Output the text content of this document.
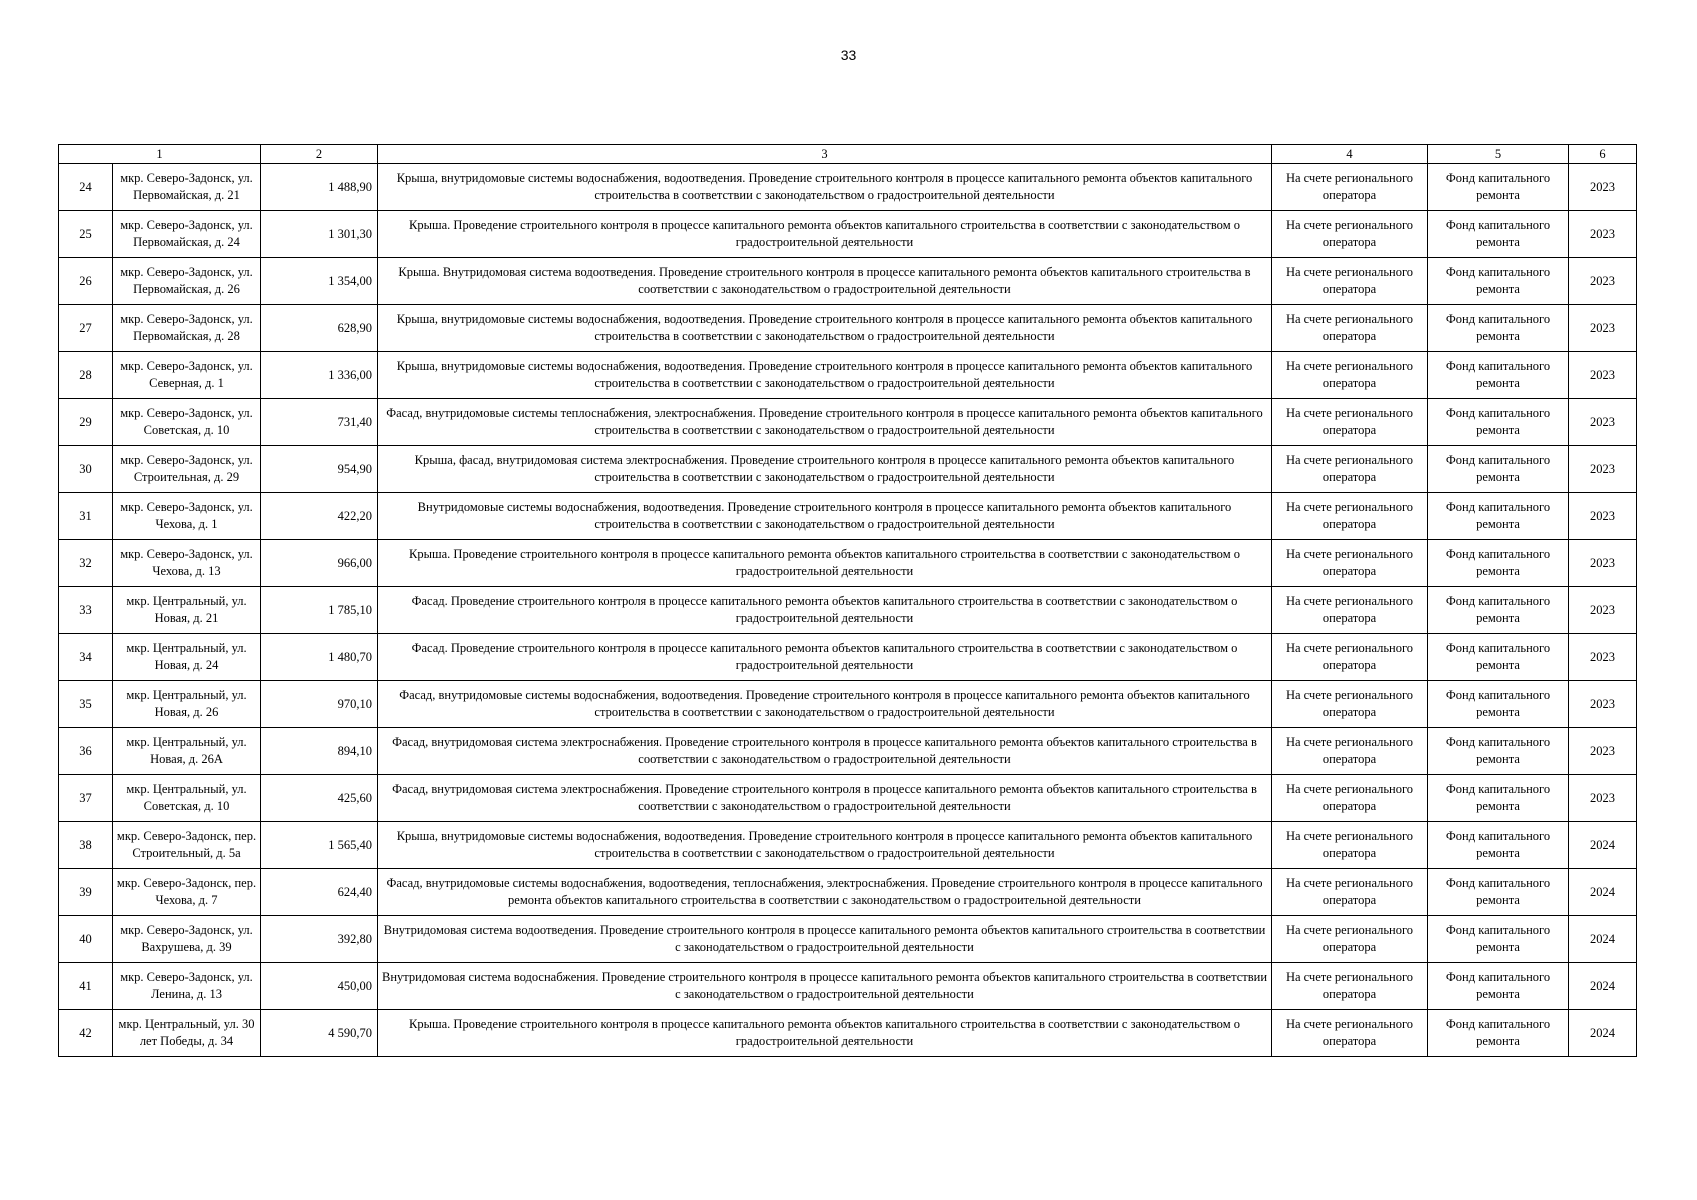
33
1		2	3	4	5	6
24	мкр. Северо-Задонск, ул. Первомайская, д. 21	1 488,90	Крыша, внутридомовые системы водоснабжения, водоотведения. Проведение строительного контроля в процессе капитального ремонта объектов капитального строительства в соответствии с законодательством о градостроительной деятельности	На счете регионального оператора	Фонд капитального ремонта	2023
25	мкр. Северо-Задонск, ул. Первомайская, д. 24	1 301,30	Крыша. Проведение строительного контроля в процессе капитального ремонта объектов капитального строительства в соответствии с законодательством о градостроительной деятельности	На счете регионального оператора	Фонд капитального ремонта	2023
26	мкр. Северо-Задонск, ул. Первомайская, д. 26	1 354,00	Крыша. Внутридомовая система водоотведения. Проведение строительного контроля в процессе капитального ремонта объектов капитального строительства в соответствии с законодательством о градостроительной деятельности	На счете регионального оператора	Фонд капитального ремонта	2023
27	мкр. Северо-Задонск, ул. Первомайская, д. 28	628,90	Крыша, внутридомовые системы водоснабжения, водоотведения. Проведение строительного контроля в процессе капитального ремонта объектов капитального строительства в соответствии с законодательством о градостроительной деятельности	На счете регионального оператора	Фонд капитального ремонта	2023
28	мкр. Северо-Задонск, ул. Северная, д. 1	1 336,00	Крыша, внутридомовые системы водоснабжения, водоотведения. Проведение строительного контроля в процессе капитального ремонта объектов капитального строительства в соответствии с законодательством о градостроительной деятельности	На счете регионального оператора	Фонд капитального ремонта	2023
29	мкр. Северо-Задонск, ул. Советская, д. 10	731,40	Фасад, внутридомовые системы теплоснабжения, электроснабжения. Проведение строительного контроля в процессе капитального ремонта объектов капитального строительства в соответствии с законодательством о градостроительной деятельности	На счете регионального оператора	Фонд капитального ремонта	2023
30	мкр. Северо-Задонск, ул. Строительная, д. 29	954,90	Крыша, фасад, внутридомовая система электроснабжения. Проведение строительного контроля в процессе капитального ремонта объектов капитального строительства в соответствии с законодательством о градостроительной деятельности	На счете регионального оператора	Фонд капитального ремонта	2023
31	мкр. Северо-Задонск, ул. Чехова, д. 1	422,20	Внутридомовые системы водоснабжения, водоотведения. Проведение строительного контроля в процессе капитального ремонта объектов капитального строительства в соответствии с законодательством о градостроительной деятельности	На счете регионального оператора	Фонд капитального ремонта	2023
32	мкр. Северо-Задонск, ул. Чехова, д. 13	966,00	Крыша. Проведение строительного контроля в процессе капитального ремонта объектов капитального строительства в соответствии с законодательством о градостроительной деятельности	На счете регионального оператора	Фонд капитального ремонта	2023
33	мкр. Центральный, ул. Новая, д. 21	1 785,10	Фасад. Проведение строительного контроля в процессе капитального ремонта объектов капитального строительства в соответствии с законодательством о градостроительной деятельности	На счете регионального оператора	Фонд капитального ремонта	2023
34	мкр. Центральный, ул. Новая, д. 24	1 480,70	Фасад. Проведение строительного контроля в процессе капитального ремонта объектов капитального строительства в соответствии с законодательством о градостроительной деятельности	На счете регионального оператора	Фонд капитального ремонта	2023
35	мкр. Центральный, ул. Новая, д. 26	970,10	Фасад, внутридомовые системы водоснабжения, водоотведения. Проведение строительного контроля в процессе капитального ремонта объектов капитального строительства в соответствии с законодательством о градостроительной деятельности	На счете регионального оператора	Фонд капитального ремонта	2023
36	мкр. Центральный, ул. Новая, д. 26А	894,10	Фасад, внутридомовая система электроснабжения. Проведение строительного контроля в процессе капитального ремонта объектов капитального строительства в соответствии с законодательством о градостроительной деятельности	На счете регионального оператора	Фонд капитального ремонта	2023
37	мкр. Центральный, ул. Советская, д. 10	425,60	Фасад, внутридомовая система электроснабжения. Проведение строительного контроля в процессе капитального ремонта объектов капитального строительства в соответствии с законодательством о градостроительной деятельности	На счете регионального оператора	Фонд капитального ремонта	2023
38	мкр. Северо-Задонск, пер. Строительный, д. 5а	1 565,40	Крыша, внутридомовые системы водоснабжения, водоотведения. Проведение строительного контроля в процессе капитального ремонта объектов капитального строительства в соответствии с законодательством о градостроительной деятельности	На счете регионального оператора	Фонд капитального ремонта	2024
39	мкр. Северо-Задонск, пер. Чехова, д. 7	624,40	Фасад, внутридомовые системы водоснабжения, водоотведения, теплоснабжения, электроснабжения. Проведение строительного контроля в процессе капитального ремонта объектов капитального строительства в соответствии с законодательством о градостроительной деятельности	На счете регионального оператора	Фонд капитального ремонта	2024
40	мкр. Северо-Задонск, ул. Вахрушева, д. 39	392,80	Внутридомовая система водоотведения. Проведение строительного контроля в процессе капитального ремонта объектов капитального строительства в соответствии с законодательством о градостроительной деятельности	На счете регионального оператора	Фонд капитального ремонта	2024
41	мкр. Северо-Задонск, ул. Ленина, д. 13	450,00	Внутридомовая система водоснабжения. Проведение строительного контроля в процессе капитального ремонта объектов капитального строительства в соответствии с законодательством о градостроительной деятельности	На счете регионального оператора	Фонд капитального ремонта	2024
42	мкр. Центральный, ул. 30 лет Победы, д. 34	4 590,70	Крыша. Проведение строительного контроля в процессе капитального ремонта объектов капитального строительства в соответствии с законодательством о градостроительной деятельности	На счете регионального оператора	Фонд капитального ремонта	2024
